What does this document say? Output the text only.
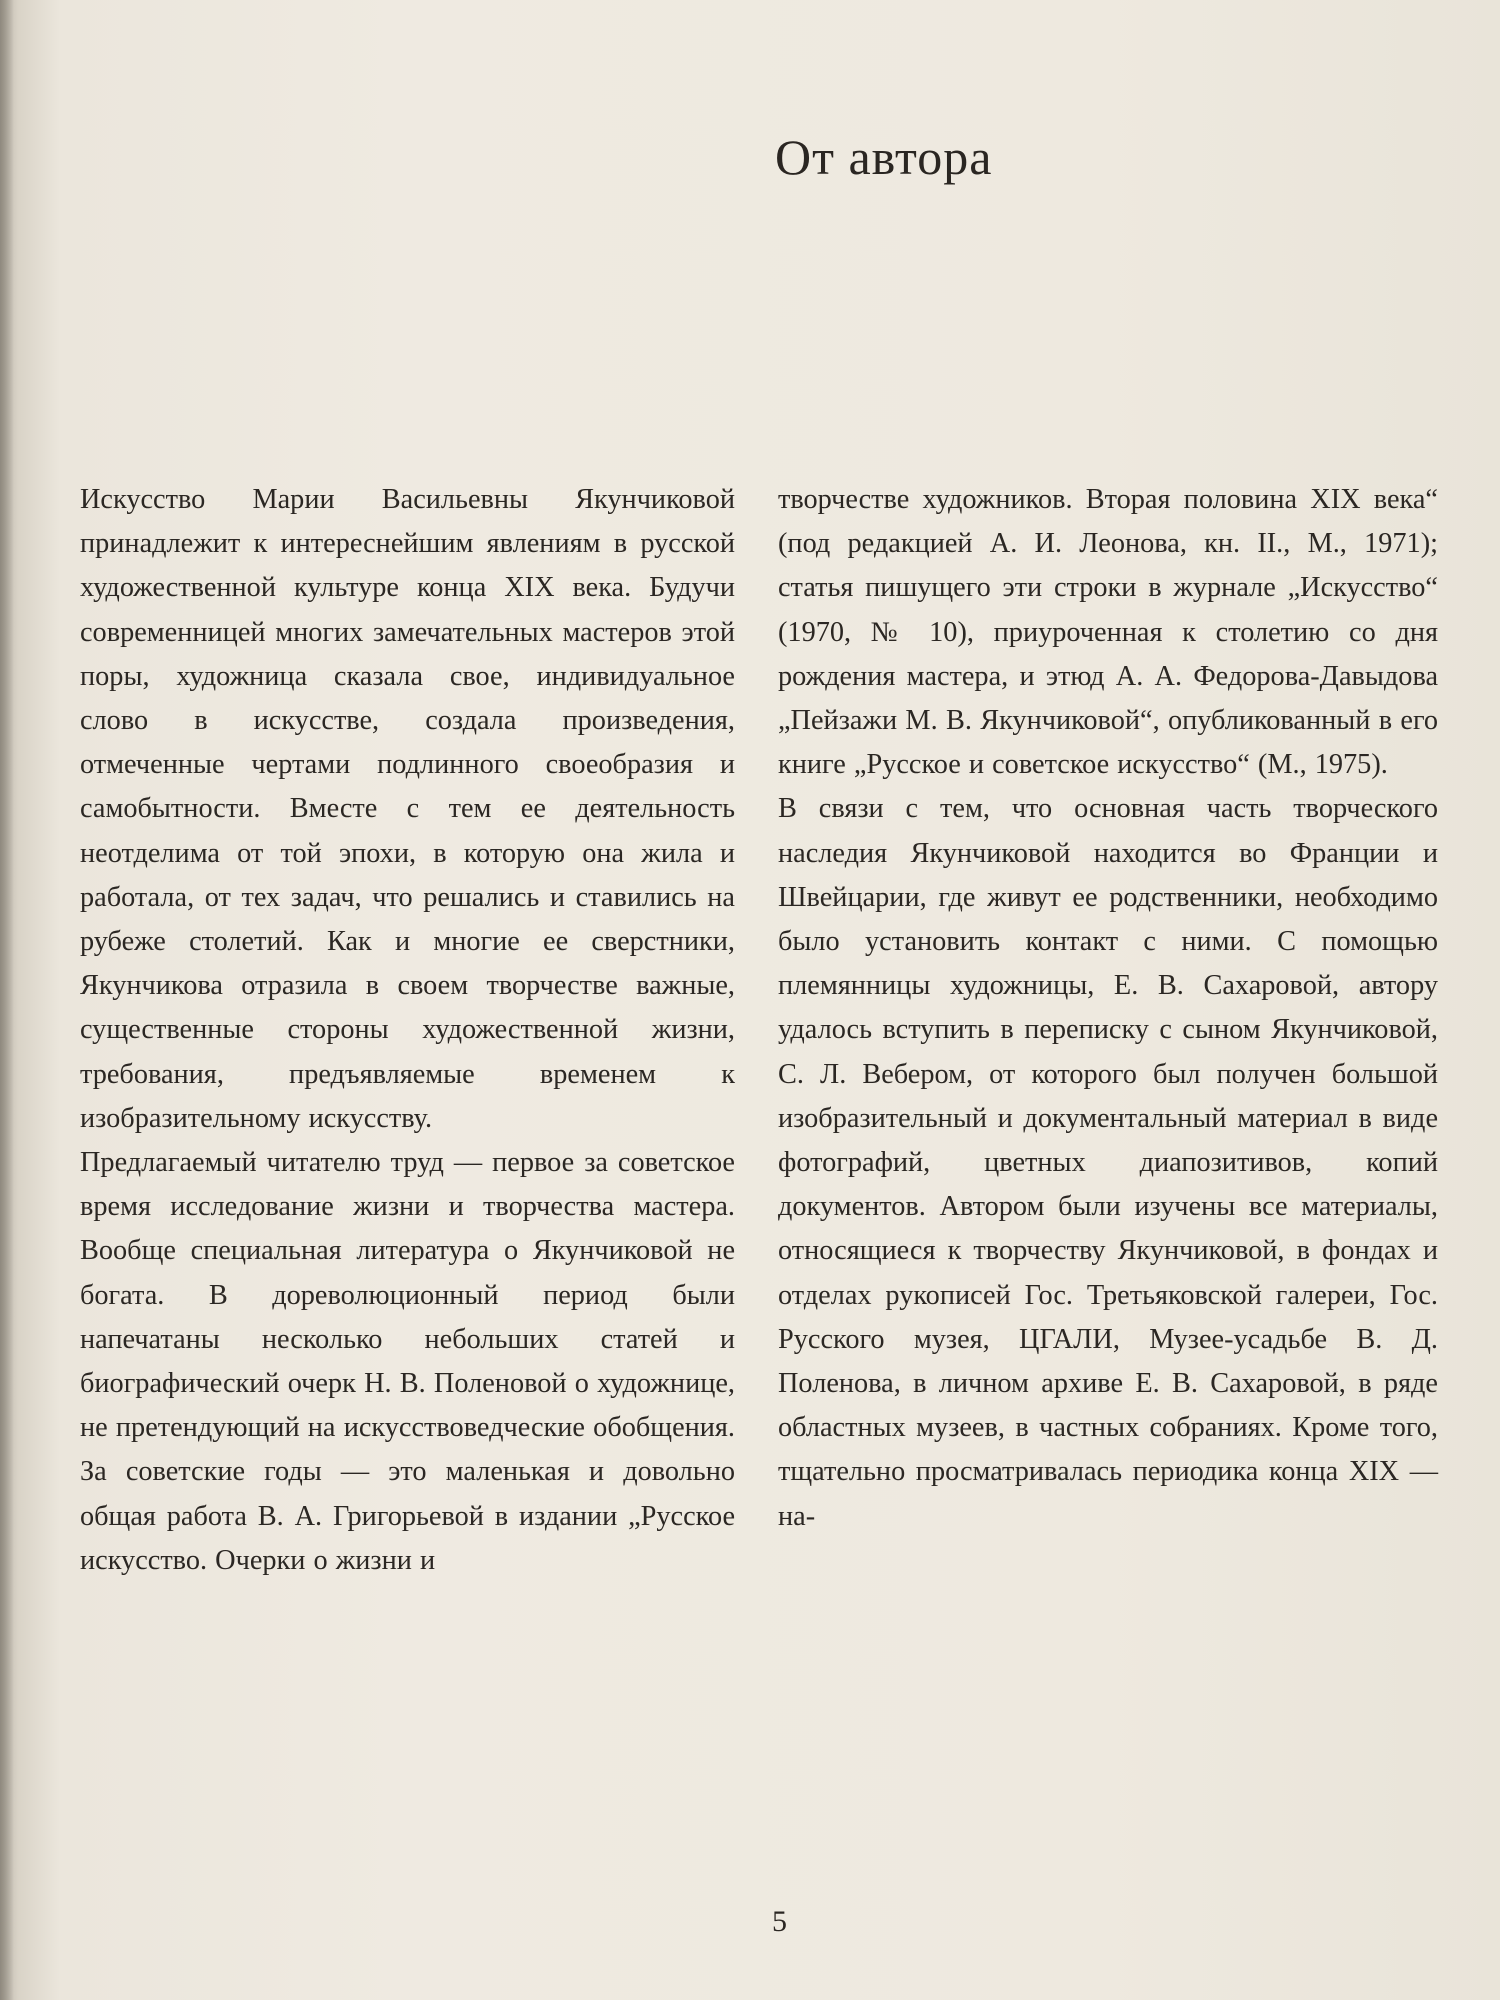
От автора

Искусство Марии Васильевны Якунчиковой принадлежит к интереснейшим явлениям в русской художественной культуре конца XIX века. Будучи современницей многих замечательных мастеров этой поры, художница сказала свое, индивидуальное слово в искусстве, создала произведения, отмеченные чертами подлинного своеобразия и самобытности. Вместе с тем ее деятельность неотделима от той эпохи, в которую она жила и работала, от тех задач, что решались и ставились на рубеже столетий. Как и многие ее сверстники, Якунчикова отразила в своем творчестве важные, существенные стороны художественной жизни, требования, предъявляемые временем к изобразительному искусству.

Предлагаемый читателю труд — первое за советское время исследование жизни и творчества мастера. Вообще специальная литература о Якунчиковой не богата. В дореволюционный период были напечатаны несколько небольших статей и биографический очерк Н. В. Поленовой о художнице, не претендующий на искусствоведческие обобщения. За советские годы — это маленькая и довольно общая работа В. А. Григорьевой в издании „Русское искусство. Очерки о жизни и

творчестве художников. Вторая половина XIX века“ (под редакцией А. И. Леонова, кн. II., М., 1971); статья пишущего эти строки в журнале „Искусство“ (1970, № 10), приуроченная к столетию со дня рождения мастера, и этюд А. А. Федорова-Давыдова „Пейзажи М. В. Якунчиковой“, опубликованный в его книге „Русское и советское искусство“ (М., 1975).

В связи с тем, что основная часть творческого наследия Якунчиковой находится во Франции и Швейцарии, где живут ее родственники, необходимо было установить контакт с ними. С помощью племянницы художницы, Е. В. Сахаровой, автору удалось вступить в переписку с сыном Якунчиковой, С. Л. Вебером, от которого был получен большой изобразительный и документальный материал в виде фотографий, цветных диапозитивов, копий документов. Автором были изучены все материалы, относящиеся к творчеству Якунчиковой, в фондах и отделах рукописей Гос. Третьяковской галереи, Гос. Русского музея, ЦГАЛИ, Музее-усадьбе В. Д. Поленова, в личном архиве Е. В. Сахаровой, в ряде областных музеев, в частных собраниях. Кроме того, тщательно просматривалась периодика конца XIX — на-

5
